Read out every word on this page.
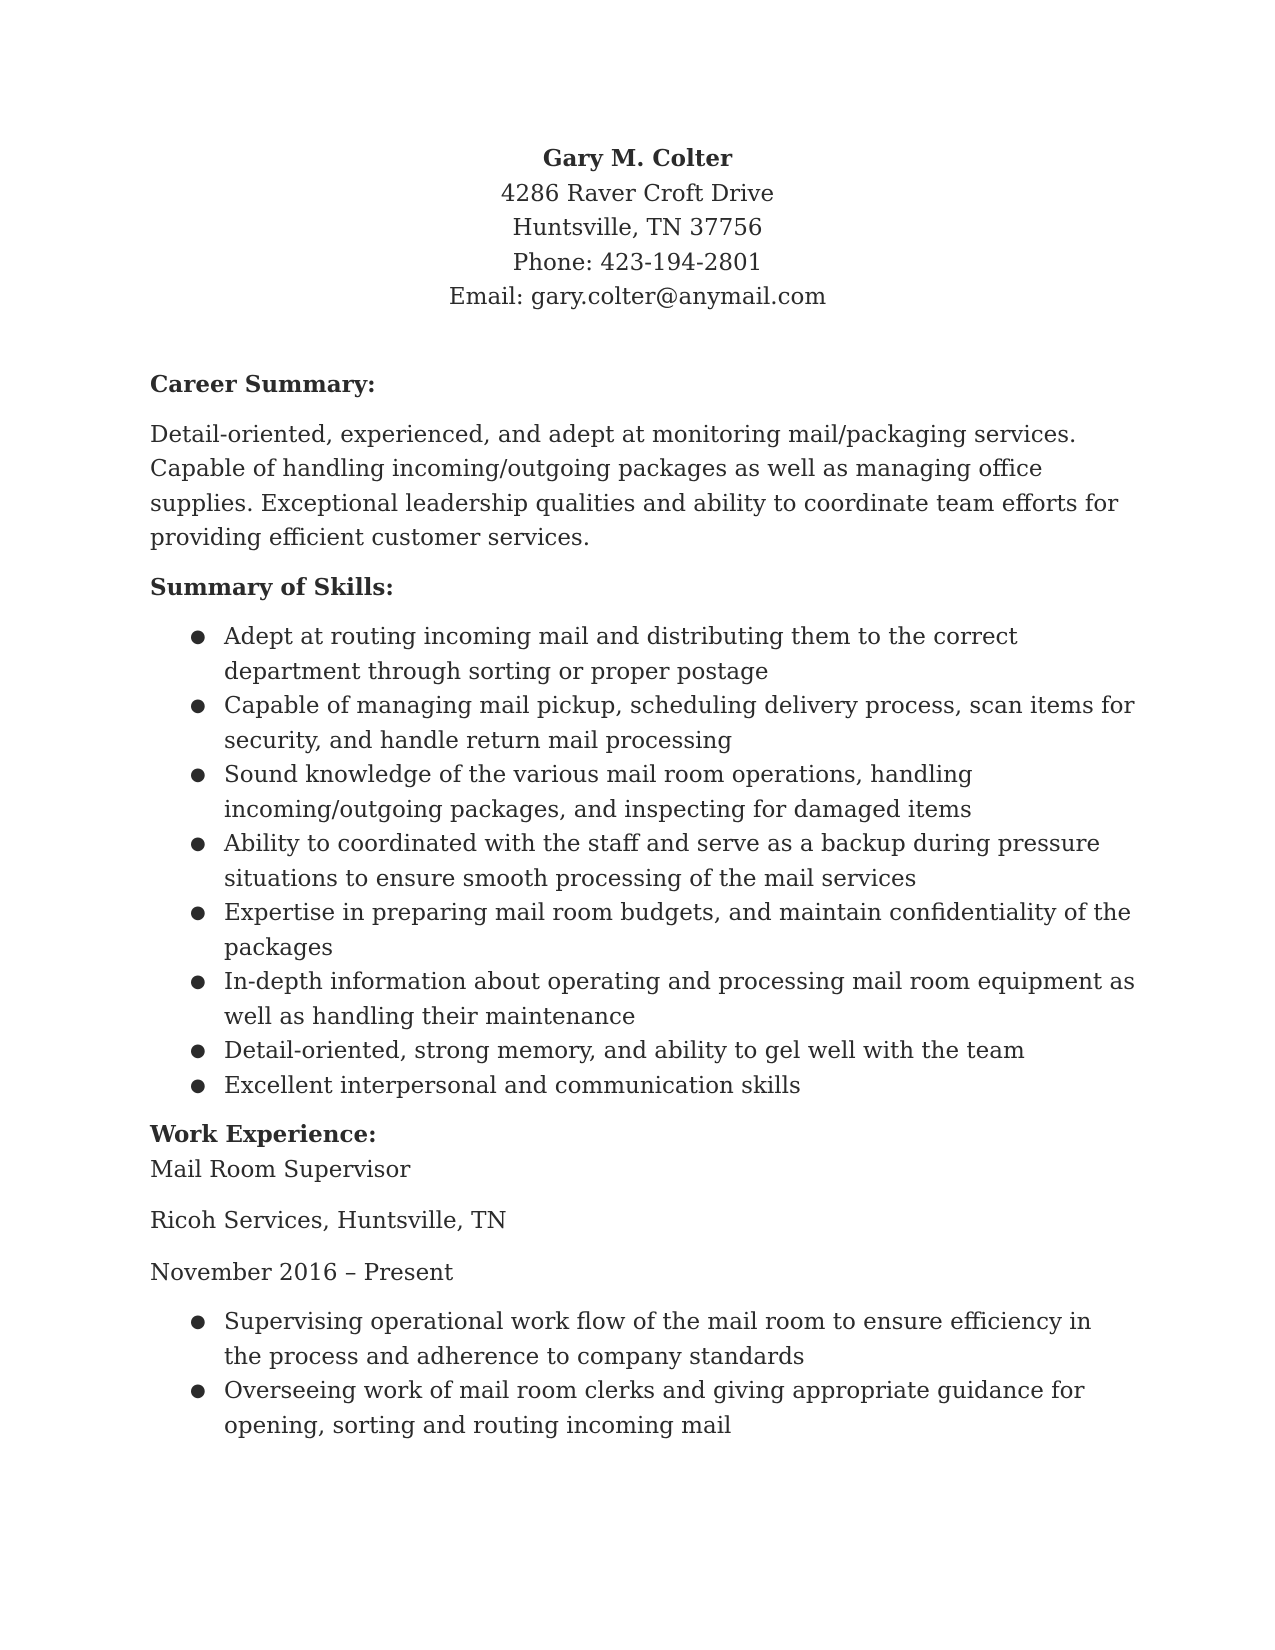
Gary M. Colter
4286 Raver Croft Drive
Huntsville, TN 37756
Phone: 423-194-2801
Email: gary.colter@anymail.com

Career Summary:

Detail-oriented, experienced, and adept at monitoring mail/packaging services. Capable of handling incoming/outgoing packages as well as managing office supplies. Exceptional leadership qualities and ability to coordinate team efforts for providing efficient customer services.

Summary of Skills:

● Adept at routing incoming mail and distributing them to the correct department through sorting or proper postage
● Capable of managing mail pickup, scheduling delivery process, scan items for security, and handle return mail processing
● Sound knowledge of the various mail room operations, handling incoming/outgoing packages, and inspecting for damaged items
● Ability to coordinated with the staff and serve as a backup during pressure situations to ensure smooth processing of the mail services
● Expertise in preparing mail room budgets, and maintain confidentiality of the packages
● In-depth information about operating and processing mail room equipment as well as handling their maintenance
● Detail-oriented, strong memory, and ability to gel well with the team
● Excellent interpersonal and communication skills

Work Experience:

Mail Room Supervisor

Ricoh Services, Huntsville, TN

November 2016 – Present

● Supervising operational work flow of the mail room to ensure efficiency in the process and adherence to company standards
● Overseeing work of mail room clerks and giving appropriate guidance for opening, sorting and routing incoming mail
